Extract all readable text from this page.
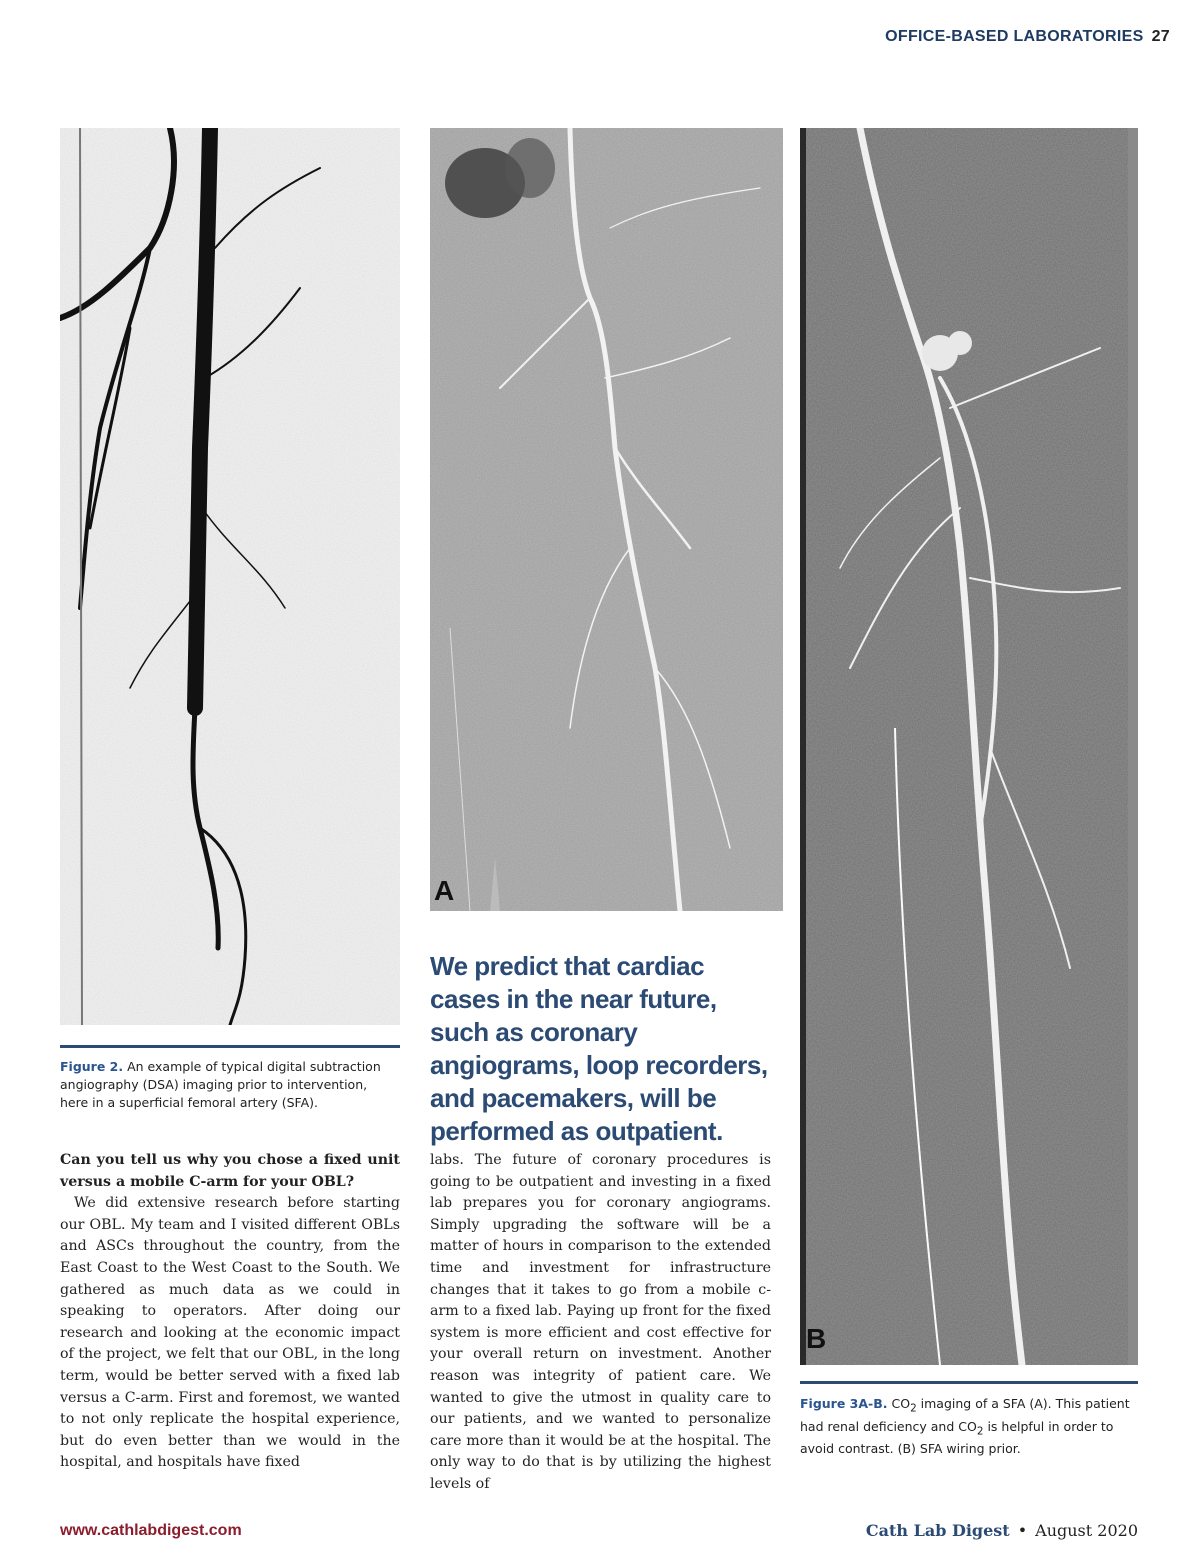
OFFICE-BASED LABORATORIES 27
A
B
Figure 2. An example of typical digital subtraction angiography (DSA) imaging prior to intervention, here in a superficial femoral artery (SFA).
We predict that cardiac cases in the near future, such as coronary angiograms, loop recorders, and pacemakers, will be performed as outpatient.
Figure 3A-B. $CO_2$ imaging of a SFA (A). This patient had renal deficiency and $CO_2$ is helpful in order to avoid contrast. (B) SFA wiring prior.

Can you tell us why you chose a fixed unit versus a mobile C-arm for your OBL?

We did extensive research before starting our OBL. My team and I visited different OBLs and ASCs throughout the country, from the East Coast to the West Coast to the South. We gathered as much data as we could in speaking to operators. After doing our research and looking at the economic impact of the project, we felt that our OBL, in the long term, would be better served with a fixed lab versus a C-arm. First and foremost, we wanted to not only replicate the hospital experience, but do even better than we would in the hospital, and hospitals have fixed

labs. The future of coronary procedures is going to be outpatient and investing in a fixed lab prepares you for coronary angiograms. Simply upgrading the software will be a matter of hours in comparison to the extended time and investment for infrastructure changes that it takes to go from a mobile c-arm to a fixed lab. Paying up front for the fixed system is more efficient and cost effective for your overall return on investment. Another reason was integrity of patient care. We wanted to give the utmost in quality care to our patients, and we wanted to personalize care more than it would be at the hospital. The only way to do that is by utilizing the highest levels of

www.cathlabdigest.com	Cath Lab Digest • August 2020
